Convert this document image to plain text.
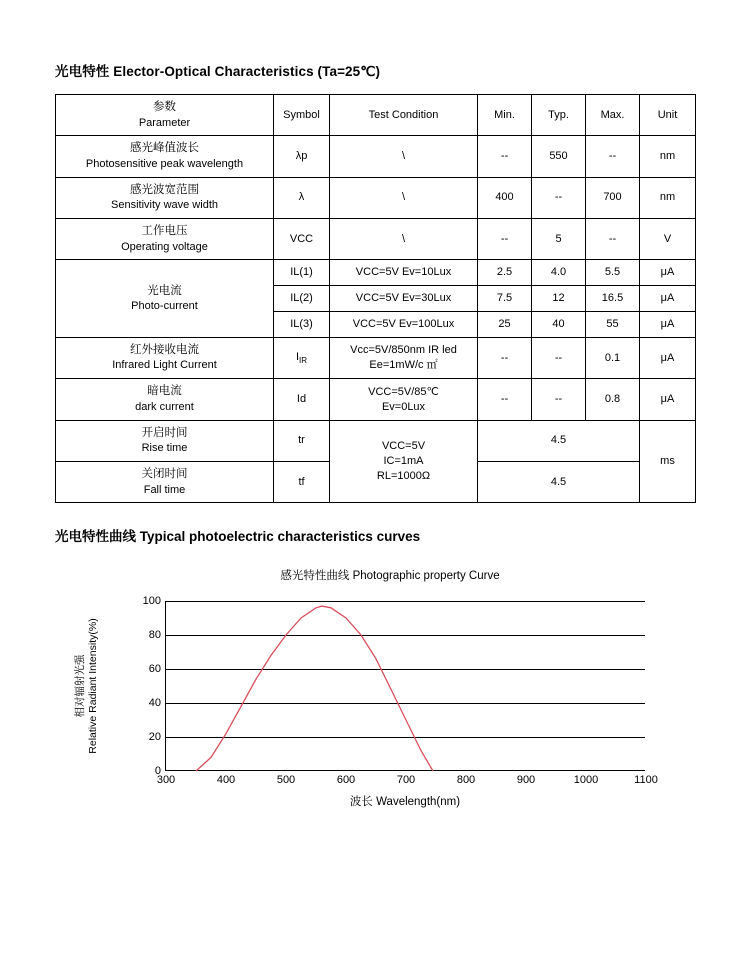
光电特性 Elector-Optical Characteristics (Ta=25℃)
参数
Parameter	Symbol	Test Condition	Min.	Typ.	Max.	Unit

感光峰值波长
Photosensitive peak wavelength	λp	\	--	550	--	nm

感光波宽范围
Sensitivity wave width	λ	\	400	--	700	nm

工作电压
Operating voltage	VCC	\	--	5	--	V

光电流
Photo-current	IL(1)	VCC=5V Ev=10Lux	2.5	4.0	5.5	μA
	IL(2)	VCC=5V Ev=30Lux	7.5	12	16.5	μA
	IL(3)	VCC=5V Ev=100Lux	25	40	55	μA

红外接收电流
Infrared Light Current	$I_{IR}$	Vcc=5V/850nm IR led
Ee=1mW/c ㎡	--	--	0.1	μA

暗电流
dark current	Id	VCC=5V/85℃
Ev=0Lux	--	--	0.8	μA

开启时间
Rise time	tr	VCC=5V
IC=1mA
RL=1000Ω	4.5			ms

关闭时间
Fall time	tf		4.5			
光电特性曲线 Typical photoelectric characteristics curves
感光特性曲线 Photographic property Curve
相对辐射光强 Relative Radiant Intensity(%)
100
80
60
40
20
0
300	400	500	600	700	800	900	1000	1100
波长 Wavelength(nm)
